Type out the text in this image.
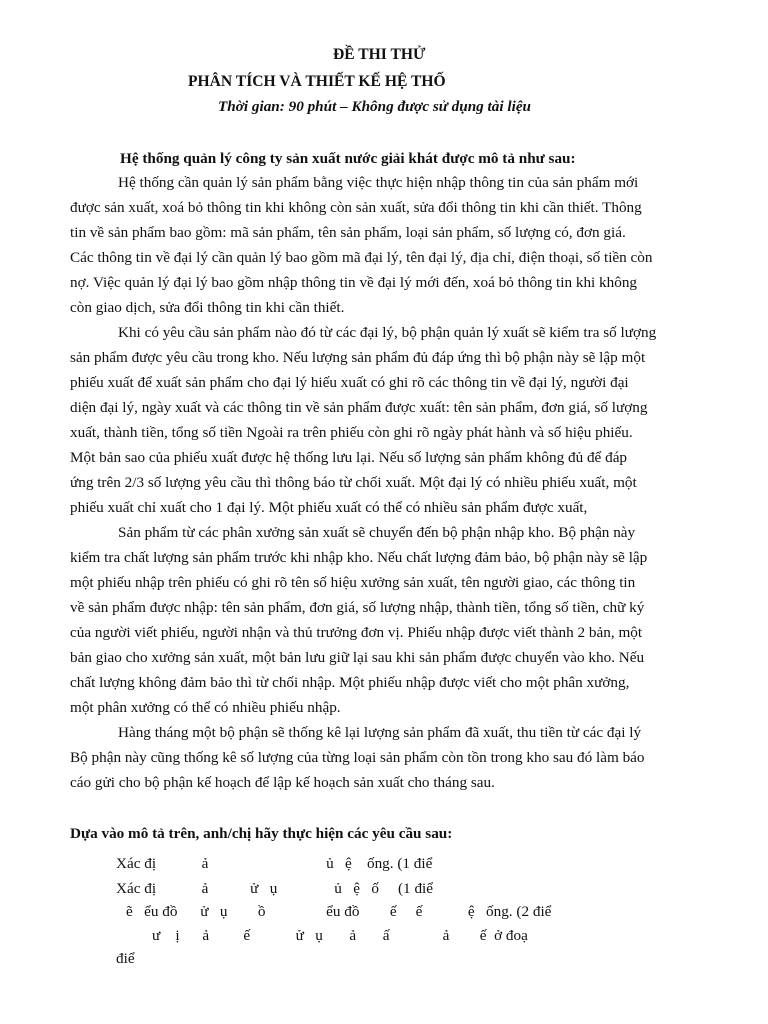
ĐỀ THI THỬ
PHÂN TÍCH VÀ THIẾT KẾ HỆ THỐ
Thời gian: 90 phút – Không được sử dụng tài liệu
Hệ thống quản lý công ty sản xuất nước giải khát được mô tả như sau:
Hệ thống cần quản lý sản phẩm bằng việc thực hiện nhập thông tin của sản phẩm mới
được sản xuất, xoá bỏ thông tin khi không còn sản xuất, sửa đổi thông tin khi cần thiết. Thông
tin về sản phẩm bao gồm: mã sản phẩm, tên sản phẩm, loại sản phẩm, số lượng có, đơn giá.
Các thông tin về đại lý cần quản lý bao gồm mã đại lý, tên đại lý, địa chỉ, điện thoại, số tiền còn
nợ. Việc quản lý đại lý bao gồm nhập thông tin về đại lý mới đến, xoá bỏ thông tin khi không
còn giao dịch, sửa đổi thông tin khi cần thiết.
Khi có yêu cầu sản phẩm nào đó từ các đại lý, bộ phận quản lý xuất sẽ kiểm tra số lượng
sản phẩm được yêu cầu trong kho. Nếu lượng sản phẩm đủ đáp ứng thì bộ phận này sẽ lập một
phiếu xuất để xuất sản phẩm cho đại lý hiếu xuất có ghi rõ các thông tin về đại lý, người đại
diện đại lý, ngày xuất và các thông tin về sản phẩm được xuất: tên sản phẩm, đơn giá, số lượng
xuất, thành tiền, tổng số tiền Ngoài ra trên phiếu còn ghi rõ ngày phát hành và số hiệu phiếu.
Một bản sao của phiếu xuất được hệ thống lưu lại. Nếu số lượng sản phẩm không đủ để đáp
ứng trên 2/3 số lượng yêu cầu thì thông báo từ chối xuất. Một đại lý có nhiều phiếu xuất, một
phiếu xuất chỉ xuất cho 1 đại lý. Một phiếu xuất có thể có nhiều sản phẩm được xuất,
Sản phẩm từ các phân xưởng sản xuất sẽ chuyển đến bộ phận nhập kho. Bộ phận này
kiểm tra chất lượng sản phẩm trước khi nhập kho. Nếu chất lượng đảm bảo, bộ phận này sẽ lập
một phiếu nhập trên phiếu có ghi rõ tên số hiệu xưởng sản xuất, tên người giao, các thông tin
về sản phẩm được nhập: tên sản phẩm, đơn giá, số lượng nhập, thành tiền, tổng số tiền, chữ ký
của người viết phiếu, người nhận và thủ trưởng đơn vị. Phiếu nhập được viết thành 2 bản, một
bản giao cho xưởng sản xuất, một bản lưu giữ lại sau khi sản phẩm được chuyển vào kho. Nếu
chất lượng không đảm bảo thì từ chối nhập. Một phiếu nhập được viết cho một phân xưởng,
một phân xưởng có thể có nhiều phiếu nhập.
Hàng tháng một bộ phận sẽ thống kê lại lượng sản phẩm đã xuất, thu tiền từ các đại lý
Bộ phận này cũng thống kê số lượng của từng loại sản phẩm còn tồn trong kho sau đó làm báo
cáo gửi cho bộ phận kế hoạch để lập kế hoạch sản xuất cho tháng sau.
Dựa vào mô tả trên, anh/chị hãy thực hiện các yêu cầu sau:
Xác đị            ả                               ủ   ệ    ống. (1 điể
Xác đị            ả           ử   ụ               ủ   ệ   ố     (1 điể
ẽ   ểu đồ      ử   ụ        ồ                ểu đồ        ế     ế            ệ   ống. (2 điể
ư    ị      ả         ế            ử   ụ       ả       ấ              ả        ế  ở đoạ
điể
